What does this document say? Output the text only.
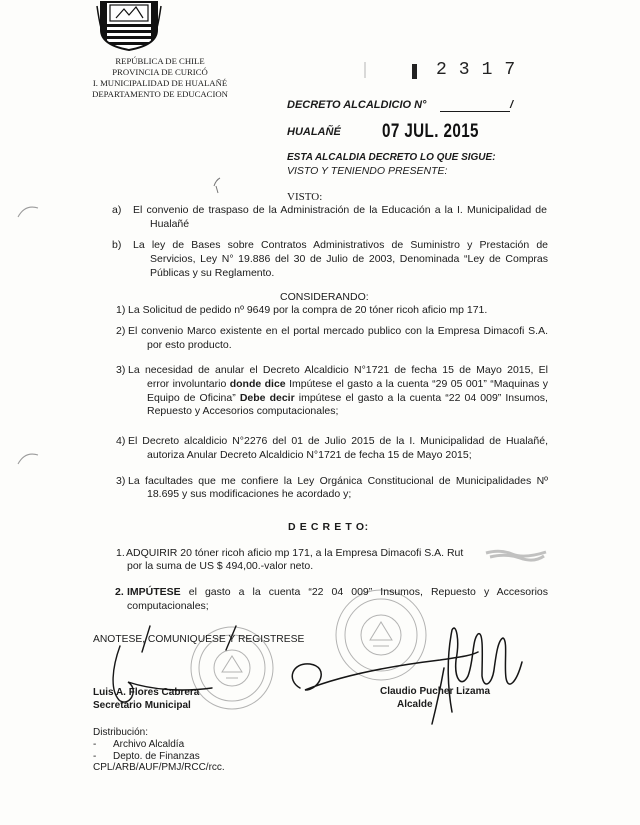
REPÚBLICA DE CHILE
PROVINCIA DE CURICÓ
I. MUNICIPALIDAD DE HUALAÑÉ
DEPARTAMENTO DE EDUCACION
2317
DECRETO ALCALDICIO N°	/
HUALAÑÉ 07 JUL. 2015
ESTA ALCALDIA DECRETO LO QUE SIGUE:
VISTO Y TENIENDO PRESENTE:
VISTO:
a) El convenio de traspaso de la Administración de la Educación a la I. Municipalidad de
Hualañé
b) La ley de Bases sobre Contratos Administrativos de Suministro y Prestación de
Servicios, Ley N° 19.886 del 30 de Julio de 2003, Denominada “Ley de Compras
Públicas y su Reglamento.
CONSIDERANDO:
1) La Solicitud de pedido nº 9649 por la compra de 20 tóner ricoh aficio mp 171.
2) El convenio Marco existente en el portal mercado publico con la Empresa Dimacofi S.A.
por esto producto.
3) La necesidad de anular el Decreto Alcaldicio N°1721 de fecha 15 de Mayo 2015, El
error involuntario donde dice Impútese el gasto a la cuenta “29 05 001” “Maquinas y
Equipo de Oficina” Debe decir impútese el gasto a la cuenta “22 04 009” Insumos,
Repuesto y Accesorios computacionales;
4) El Decreto alcaldicio N°2276 del 01 de Julio 2015 de la I. Municipalidad de Hualañé,
autoriza Anular Decreto Alcaldicio N°1721 de fecha 15 de Mayo 2015;
3) La facultades que me confiere la Ley Orgánica Constitucional de Municipalidades Nº
18.695 y sus modificaciones he acordado y;
D E C R E T O:
1. ADQUIRIR 20 tóner ricoh aficio mp 171, a la Empresa Dimacofi S.A. Rut
por la suma de US $ 494,00.-valor neto.
2. IMPÚTESE el gasto a la cuenta “22 04 009” Insumos, Repuesto y Accesorios
computacionales;
ANOTESE, COMUNIQUESE Y REGISTRESE
Luis A. Flores Cabrera
Secretario Municipal
Claudio Pucher Lizama
Alcalde
Distribución:
- Archivo Alcaldía
- Depto. de Finanzas
CPL/ARB/AUF/PMJ/RCC/rcc.
